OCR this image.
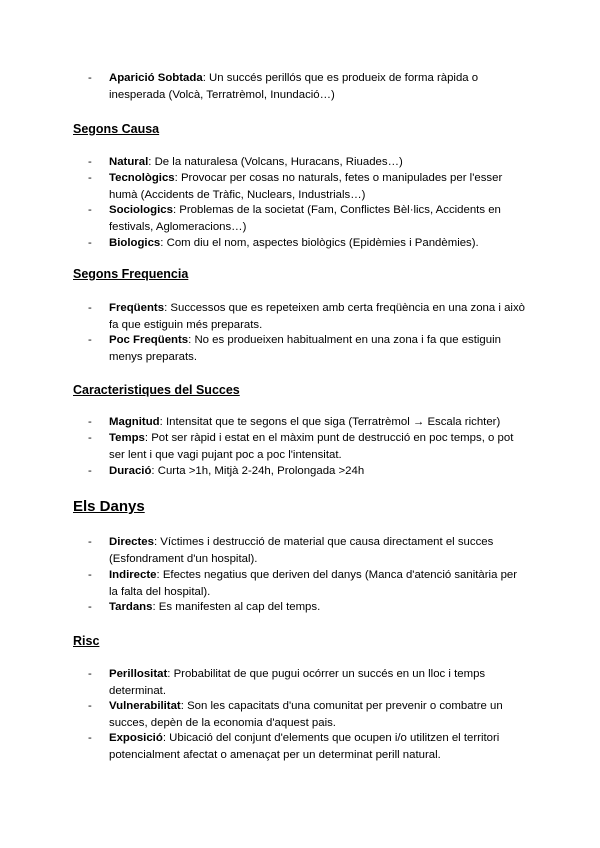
- Aparició Sobtada: Un succés perillós que es produeix de forma ràpida o inesperada (Volcà, Terratrèmol, Inundació…)
Segons Causa
- Natural: De la naturalesa (Volcans, Huracans, Riuades…)
- Tecnològics: Provocar per cosas no naturals, fetes o manipulades per l'esser humà (Accidents de Tràfic, Nuclears, Industrials…)
- Sociologics: Problemas de la societat (Fam, Conflictes Bèl·lics, Accidents en festivals, Aglomeracions…)
- Biologics: Com diu el nom, aspectes biològics (Epidèmies i Pandèmies).
Segons Frequencia
- Freqüents: Successos que es repeteixen amb certa freqüència en una zona i això fa que estiguin més preparats.
- Poc Freqüents: No es produeixen habitualment en una zona i fa que estiguin menys preparats.
Caracteristiques del Succes
- Magnitud: Intensitat que te segons el que siga (Terratrèmol → Escala richter)
- Temps: Pot ser ràpid i estat en el màxim punt de destrucció en poc temps, o pot ser lent i que vagi pujant poc a poc l'intensitat.
- Duració: Curta >1h, Mitjà 2-24h, Prolongada >24h
Els Danys
- Directes: Víctimes i destrucció de material que causa directament el succes (Esfondrament d'un hospital).
- Indirecte: Efectes negatius que deriven del danys (Manca d'atenció sanitària per la falta del hospital).
- Tardans: Es manifesten al cap del temps.
Risc
- Perillositat: Probabilitat de que pugui ocórrer un succés en un lloc i temps determinat.
- Vulnerabilitat: Son les capacitats d'una comunitat per prevenir o combatre un succes, depèn de la economia d'aquest pais.
- Exposició: Ubicació del conjunt d'elements que ocupen i/o utilitzen el territori potencialment afectat o amenaçat per un determinat perill natural.
